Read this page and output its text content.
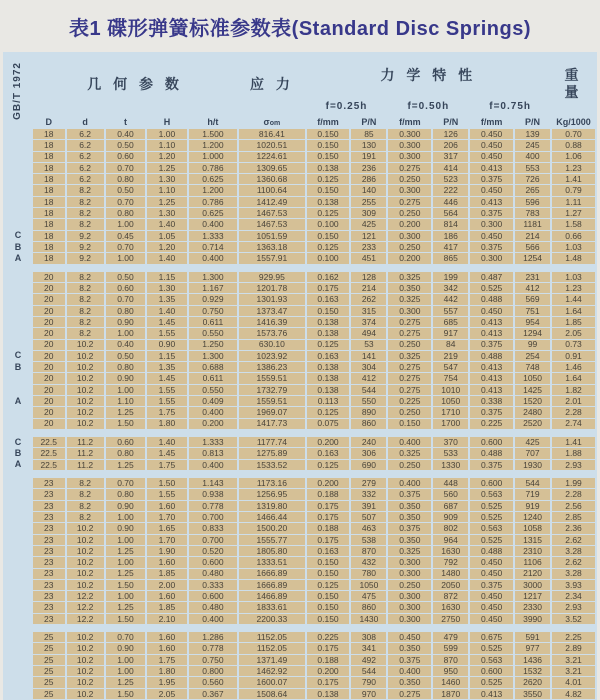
表1 碟形弹簧标准参数表(Standard Disc Springs)
GB/T 1972	几 何 参 数					应 力	力 学 特 性						重
量

							f=0.25h		f=0.50h		f=0.75h		
	D	d	t	H	h/t	σom	f/mm	P/N	f/mm	P/N	f/mm	P/N	Kg/1000
	18	6.2	0.40	1.00	1.500	816.41	0.150	85	0.300	126	0.450	139	0.70
	18	6.2	0.50	1.10	1.200	1020.51	0.150	130	0.300	206	0.450	245	0.88
	18	6.2	0.60	1.20	1.000	1224.61	0.150	191	0.300	317	0.450	400	1.06
	18	6.2	0.70	1.25	0.786	1309.65	0.138	236	0.275	414	0.413	553	1.23
	18	6.2	0.80	1.30	0.625	1360.68	0.125	286	0.250	523	0.375	726	1.41
	18	8.2	0.50	1.10	1.200	1100.64	0.150	140	0.300	222	0.450	265	0.79
	18	8.2	0.70	1.25	0.786	1412.49	0.138	255	0.275	446	0.413	596	1.11
	18	8.2	0.80	1.30	0.625	1467.53	0.125	309	0.250	564	0.375	783	1.27
	18	8.2	1.00	1.40	0.400	1467.53	0.100	425	0.200	814	0.300	1181	1.58
C	18	9.2	0.45	1.05	1.333	1051.59	0.150	121	0.300	186	0.450	214	0.66
B	18	9.2	0.70	1.20	0.714	1363.18	0.125	233	0.250	417	0.375	566	1.03
A	18	9.2	1.00	1.40	0.400	1557.91	0.100	451	0.200	865	0.300	1254	1.48

	20	8.2	0.50	1.15	1.300	929.95	0.162	128	0.325	199	0.487	231	1.03
	20	8.2	0.60	1.30	1.167	1201.78	0.175	214	0.350	342	0.525	412	1.23
	20	8.2	0.70	1.35	0.929	1301.93	0.163	262	0.325	442	0.488	569	1.44
	20	8.2	0.80	1.40	0.750	1373.47	0.150	315	0.300	557	0.450	751	1.64
	20	8.2	0.90	1.45	0.611	1416.39	0.138	374	0.275	685	0.413	954	1.85
	20	8.2	1.00	1.55	0.550	1573.76	0.138	494	0.275	917	0.413	1294	2.05
	20	10.2	0.40	0.90	1.250	630.10	0.125	53	0.250	84	0.375	99	0.73
C	20	10.2	0.50	1.15	1.300	1023.92	0.163	141	0.325	219	0.488	254	0.91
B	20	10.2	0.80	1.35	0.688	1386.23	0.138	304	0.275	547	0.413	748	1.46
	20	10.2	0.90	1.45	0.611	1559.51	0.138	412	0.275	754	0.413	1050	1.64
	20	10.2	1.00	1.55	0.550	1732.79	0.138	544	0.275	1010	0.413	1425	1.82
A	20	10.2	1.10	1.55	0.409	1559.51	0.113	550	0.225	1050	0.338	1520	2.01
	20	10.2	1.25	1.75	0.400	1969.07	0.125	890	0.250	1710	0.375	2480	2.28
	20	10.2	1.50	1.80	0.200	1417.73	0.075	860	0.150	1700	0.225	2520	2.74

C	22.5	11.2	0.60	1.40	1.333	1177.74	0.200	240	0.400	370	0.600	425	1.41
B	22.5	11.2	0.80	1.45	0.813	1275.89	0.163	306	0.325	533	0.488	707	1.88
A	22.5	11.2	1.25	1.75	0.400	1533.52	0.125	690	0.250	1330	0.375	1930	2.93

	23	8.2	0.70	1.50	1.143	1173.16	0.200	279	0.400	448	0.600	544	1.99
	23	8.2	0.80	1.55	0.938	1256.95	0.188	332	0.375	560	0.563	719	2.28
	23	8.2	0.90	1.60	0.778	1319.80	0.175	391	0.350	687	0.525	919	2.56
	23	8.2	1.00	1.70	0.700	1466.44	0.175	507	0.350	909	0.525	1240	2.85
	23	10.2	0.90	1.65	0.833	1500.20	0.188	463	0.375	802	0.563	1058	2.36
	23	10.2	1.00	1.70	0.700	1555.77	0.175	538	0.350	964	0.525	1315	2.62
	23	10.2	1.25	1.90	0.520	1805.80	0.163	870	0.325	1630	0.488	2310	3.28
	23	10.2	1.00	1.60	0.600	1333.51	0.150	432	0.300	792	0.450	1106	2.62
	23	10.2	1.25	1.85	0.480	1666.89	0.150	780	0.300	1480	0.450	2120	3.28
	23	10.2	1.50	2.00	0.333	1666.89	0.125	1050	0.250	2050	0.375	3000	3.93
	23	12.2	1.00	1.60	0.600	1466.89	0.150	475	0.300	872	0.450	1217	2.34
	23	12.2	1.25	1.85	0.480	1833.61	0.150	860	0.300	1630	0.450	2330	2.93
	23	12.2	1.50	2.10	0.400	2200.33	0.150	1430	0.300	2750	0.450	3990	3.52

	25	10.2	0.70	1.60	1.286	1152.05	0.225	308	0.450	479	0.675	591	2.25
	25	10.2	0.90	1.60	0.778	1152.05	0.175	341	0.350	599	0.525	977	2.89
	25	10.2	1.00	1.75	0.750	1371.49	0.188	492	0.375	870	0.563	1436	3.21
	25	10.2	1.00	1.80	0.800	1462.92	0.200	544	0.400	950	0.600	1532	3.21
	25	10.2	1.25	1.95	0.560	1600.07	0.175	790	0.350	1460	0.525	2620	4.01
	25	10.2	1.50	2.05	0.367	1508.64	0.138	970	0.275	1870	0.413	3550	4.82
